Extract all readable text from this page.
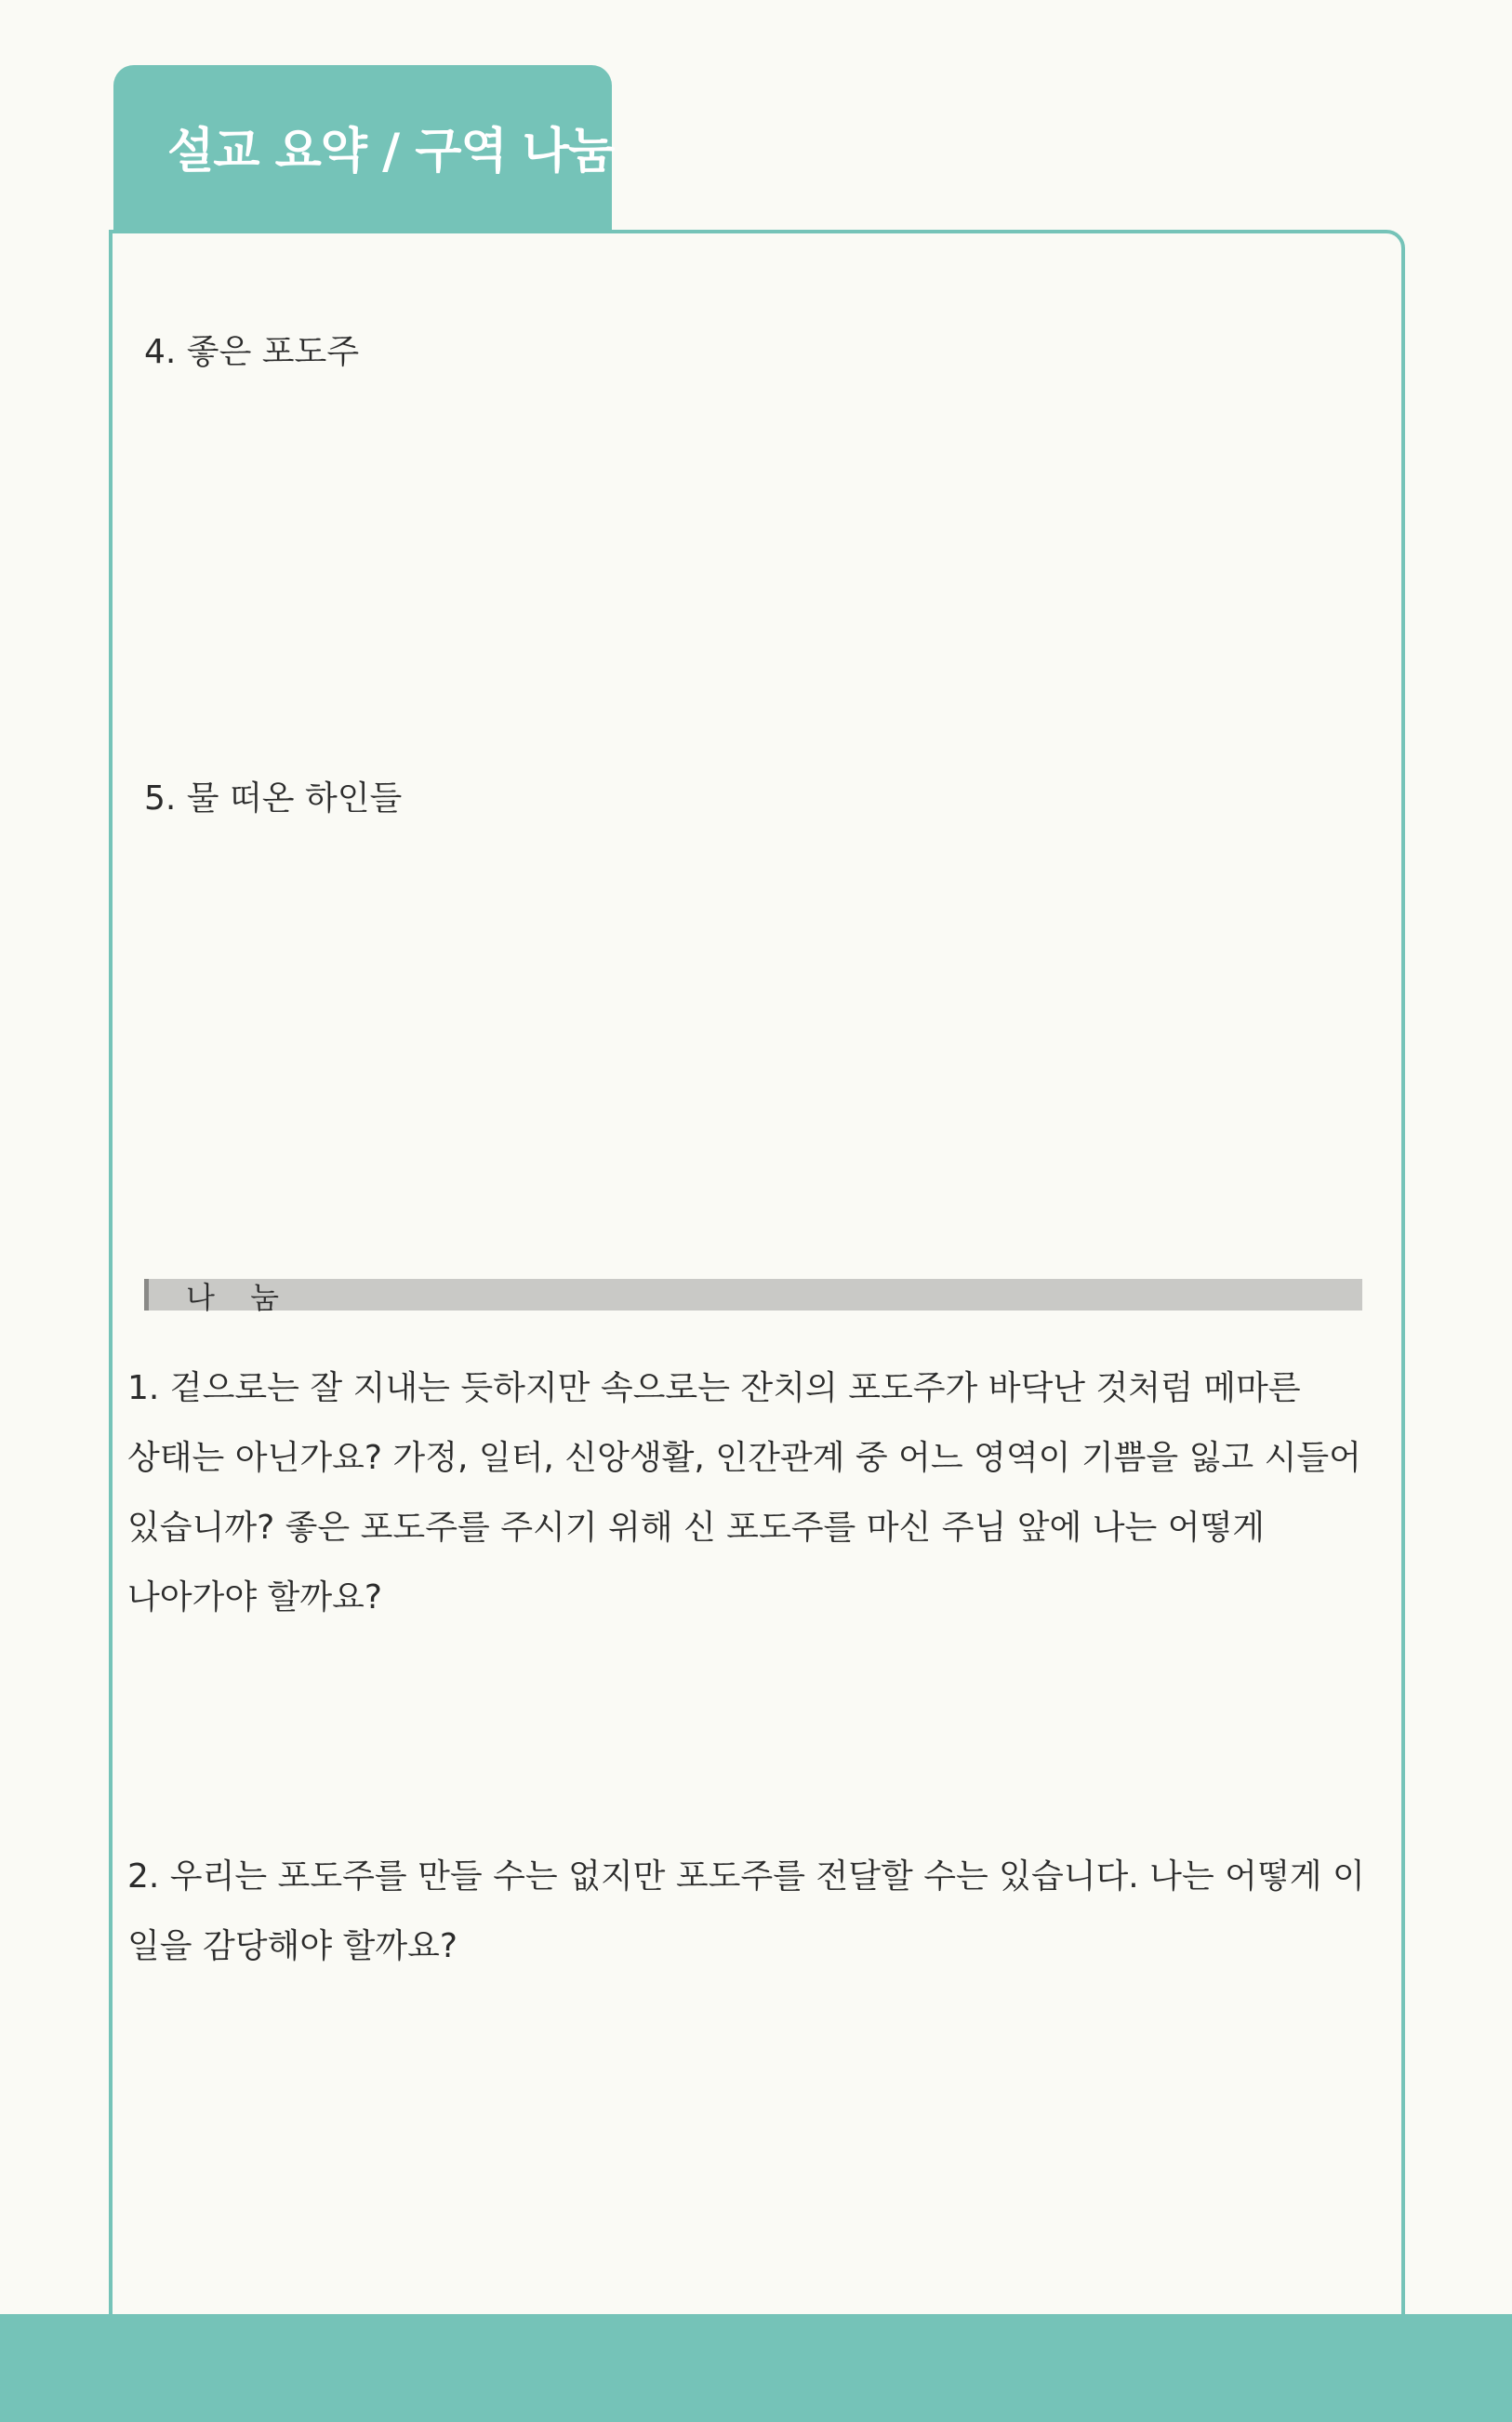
설교 요약 / 구역 나눔
4. 좋은 포도주
5. 물 떠온 하인들
나 눔
1. 겉으로는 잘 지내는 듯하지만 속으로는 잔치의 포도주가 바닥난 것처럼 메마른 상태는 아닌가요? 가정, 일터, 신앙생활, 인간관계 중 어느 영역이 기쁨을 잃고 시들어 있습니까? 좋은 포도주를 주시기 위해 신 포도주를 마신 주님 앞에 나는 어떻게 나아가야 할까요?
2. 우리는 포도주를 만들 수는 없지만 포도주를 전달할 수는 있습니다. 나는 어떻게 이 일을 감당해야 할까요?
